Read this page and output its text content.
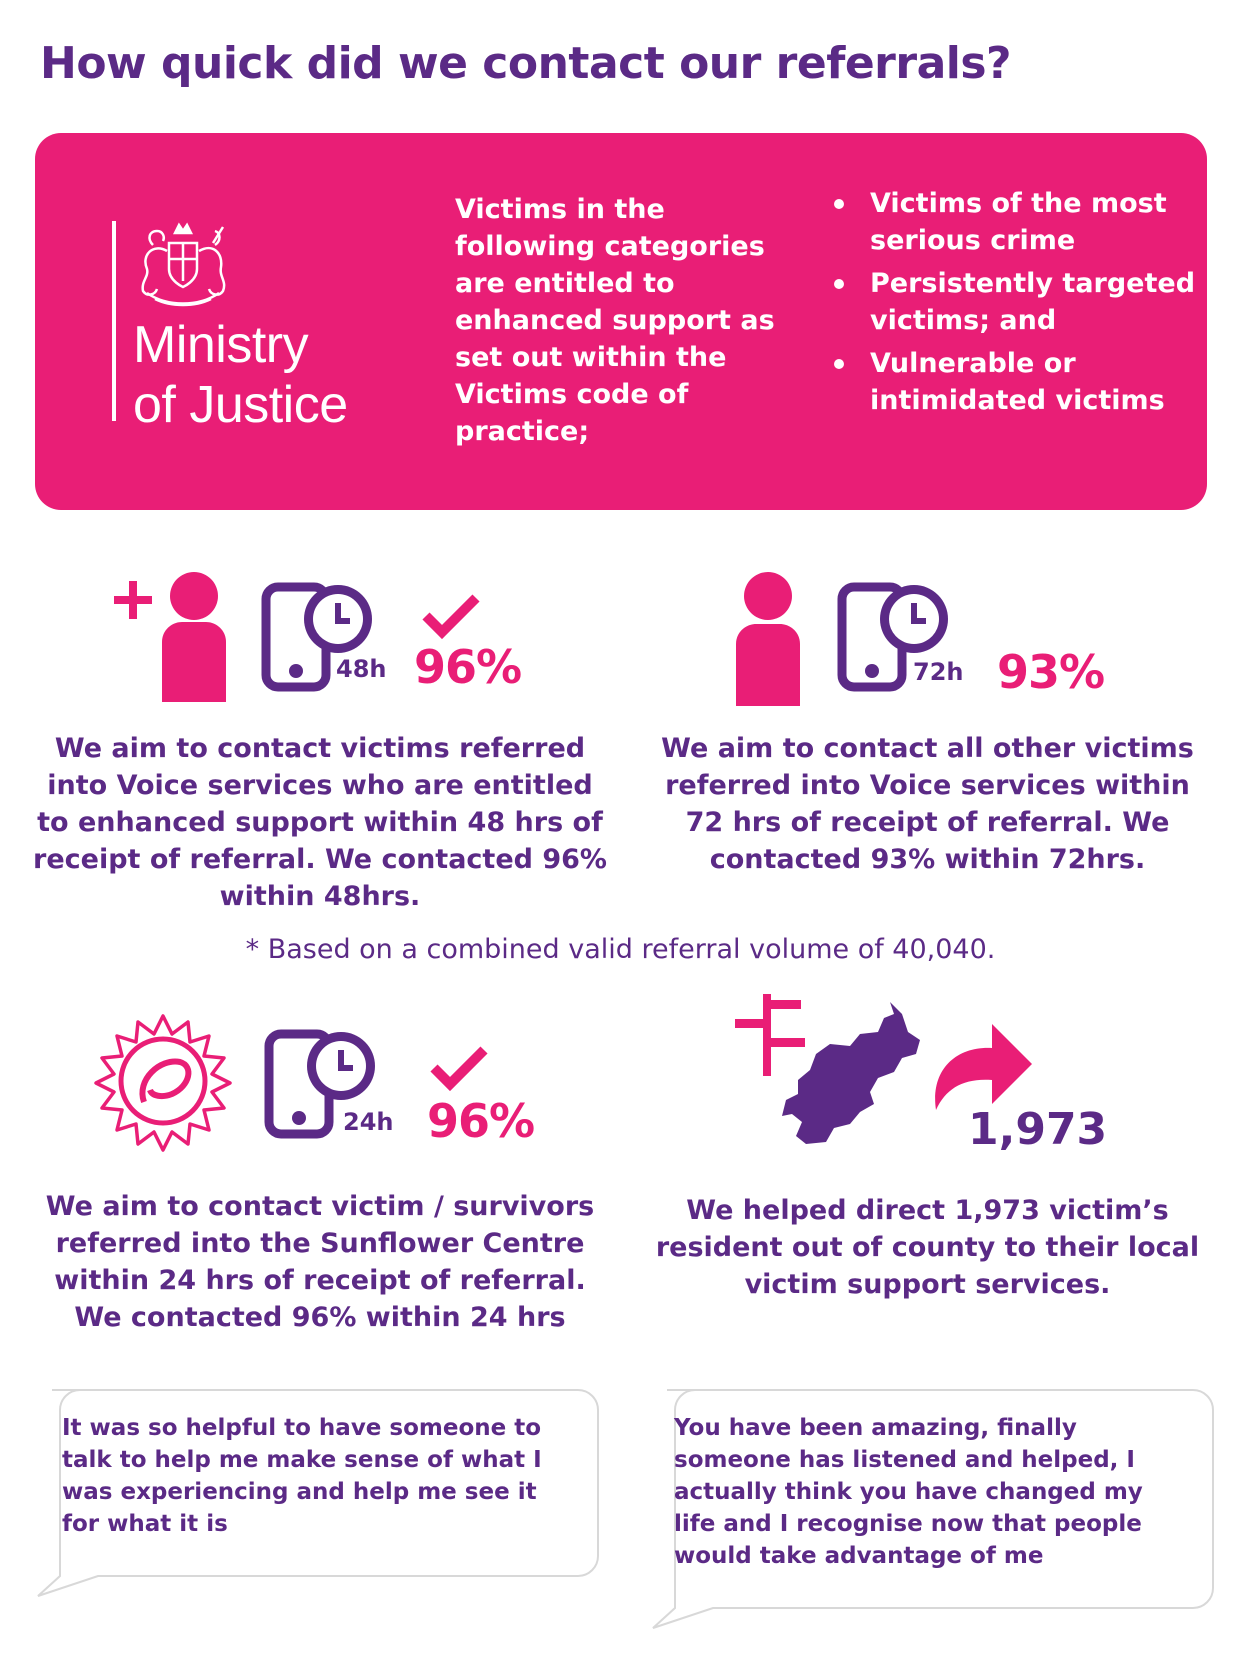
How quick did we contact our referrals?
Ministry
of Justice
Victims in the following categories are entitled to enhanced support as set out within the Victims code of practice;
Victims of the most serious crime
Persistently targeted victims; and
Vulnerable or intimidated victims
48h 96%
We aim to contact victims referred into Voice services who are entitled to enhanced support within 48 hrs of receipt of referral. We contacted 96% within 48hrs.
72h 93%
We aim to contact all other victims referred into Voice services within 72 hrs of receipt of referral. We contacted 93% within 72hrs.
* Based on a combined valid referral volume of 40,040.
24h 96%
We aim to contact victim / survivors referred into the Sunflower Centre within 24 hrs of receipt of referral. We contacted 96% within 24 hrs
1,973
We helped direct 1,973 victim’s resident out of county to their local victim support services.
It was so helpful to have someone to talk to help me make sense of what I was experiencing and help me see it for what it is
You have been amazing, finally someone has listened and helped, I actually think you have changed my life and I recognise now that people would take advantage of me
